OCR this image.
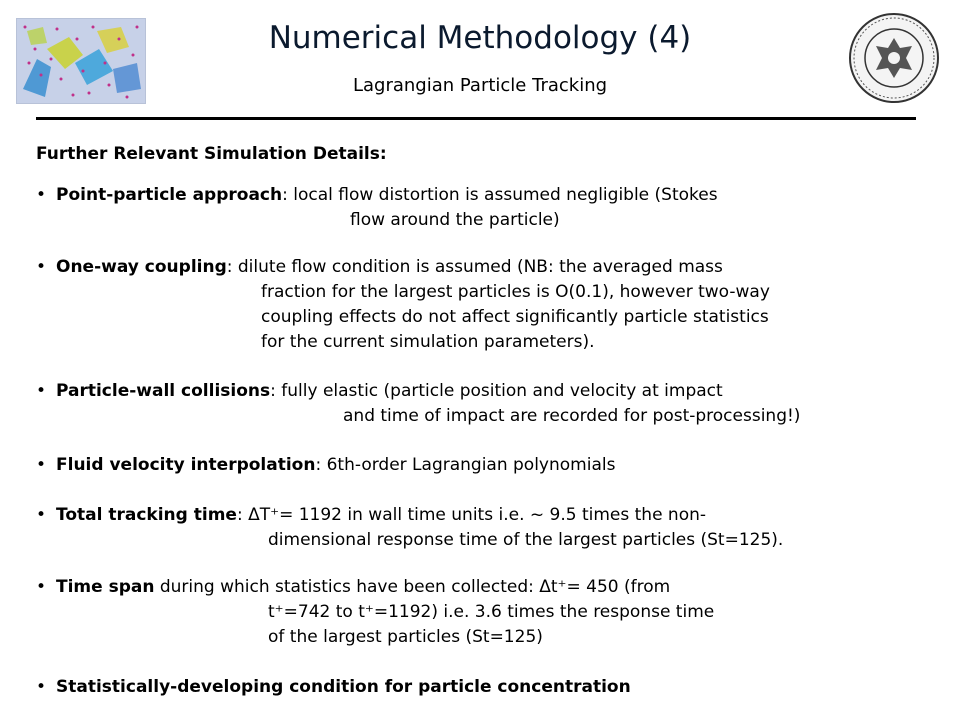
Numerical Methodology (4)
Lagrangian Particle Tracking
Further Relevant Simulation Details:
• Point-particle approach: local flow distortion is assumed negligible (Stokes
flow around the particle)
• One-way coupling: dilute flow condition is assumed (NB: the averaged mass
fraction for the largest particles is O(0.1), however two-way
coupling effects do not affect significantly particle statistics
for the current simulation parameters).
• Particle-wall collisions: fully elastic (particle position and velocity at impact
and time of impact are recorded for post-processing!)
• Fluid velocity interpolation: 6th-order Lagrangian polynomials
• Total tracking time: ΔT⁺= 1192 in wall time units i.e. ~ 9.5 times the non-
dimensional response time of the largest particles (St=125).
• Time span during which statistics have been collected: Δt⁺= 450 (from
t⁺=742 to t⁺=1192) i.e. 3.6 times the response time
of the largest particles (St=125)
• Statistically-developing condition for particle concentration
